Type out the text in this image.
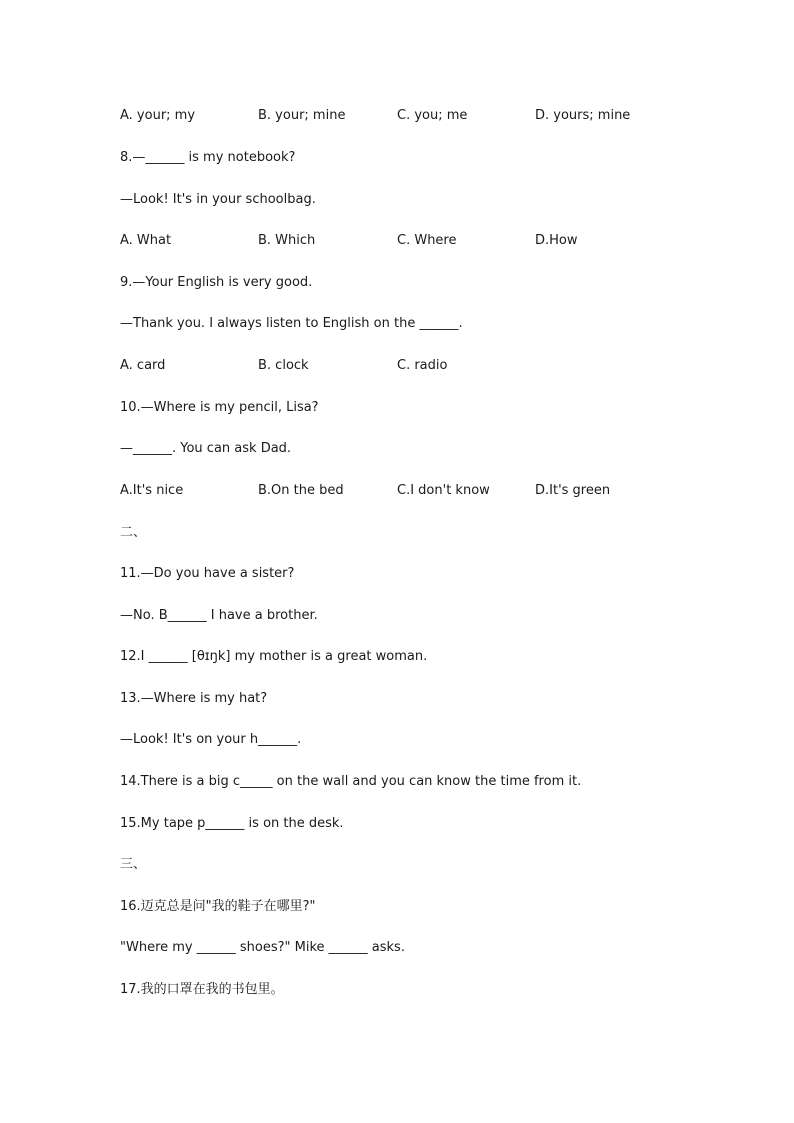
A. your; my	B. your; mine	C. you; me	D. yours; mine
8.—______ is my notebook?
—Look! It's in your schoolbag.
A. What	B. Which	C. Where	D.How
9.—Your English is very good.
—Thank you. I always listen to English on the ______.
A. card	B. clock	C. radio
10.—Where is my pencil, Lisa?
—______. You can ask Dad.
A.It's nice	B.On the bed	C.I don't know	D.It's green
二、
11.—Do you have a sister?
—No. B______ I have a brother.
12.I ______ [θɪŋk] my mother is a great woman.
13.—Where is my hat?
—Look! It's on your h______.
14.There is a big c_____ on the wall and you can know the time from it.
15.My tape p______ is on the desk.
三、
16.迈克总是问"我的鞋子在哪里?"
"Where my ______ shoes?" Mike ______ asks.
17.我的口罩在我的书包里。
